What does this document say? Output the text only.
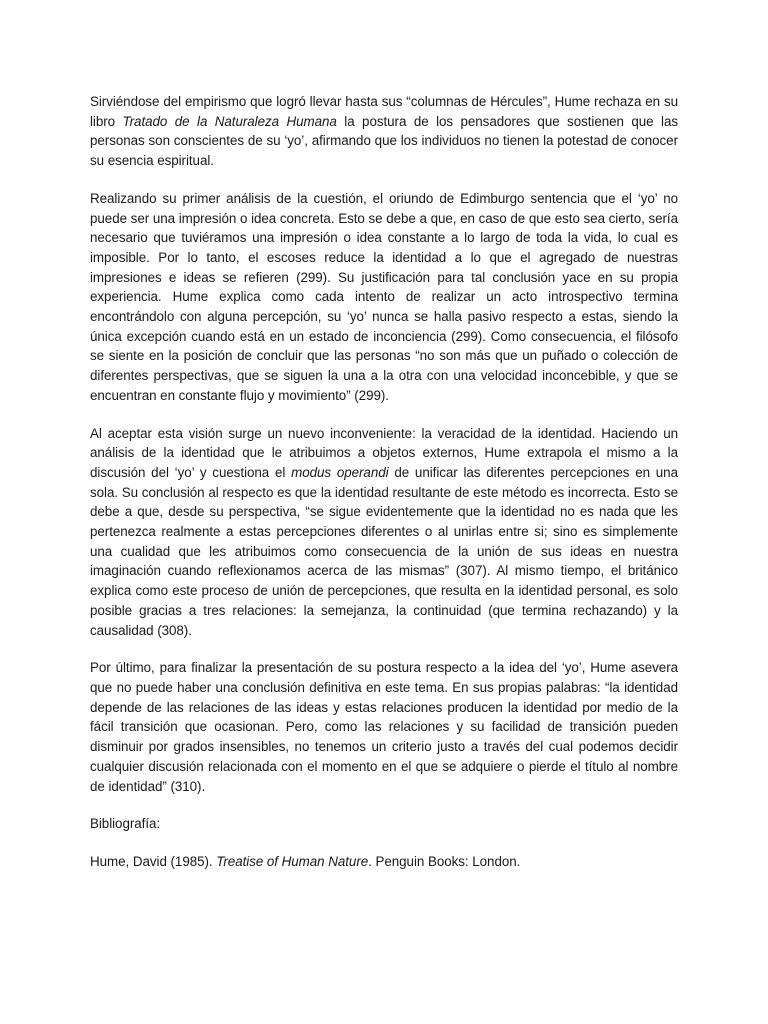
Sirviéndose del empirismo que logró llevar hasta sus “columnas de Hércules”, Hume rechaza en su libro Tratado de la Naturaleza Humana la postura de los pensadores que sostienen que las personas son conscientes de su ‘yo’, afirmando que los individuos no tienen la potestad de conocer su esencia espiritual.

Realizando su primer análisis de la cuestión, el oriundo de Edimburgo sentencia que el ‘yo’ no puede ser una impresión o idea concreta. Esto se debe a que, en caso de que esto sea cierto, sería necesario que tuviéramos una impresión o idea constante a lo largo de toda la vida, lo cual es imposible. Por lo tanto, el escoses reduce la identidad a lo que el agregado de nuestras impresiones e ideas se refieren (299). Su justificación para tal conclusión yace en su propia experiencia. Hume explica como cada intento de realizar un acto introspectivo termina encontrándolo con alguna percepción, su ‘yo’ nunca se halla pasivo respecto a estas, siendo la única excepción cuando está en un estado de inconciencia (299). Como consecuencia, el filósofo se siente en la posición de concluir que las personas “no son más que un puñado o colección de diferentes perspectivas, que se siguen la una a la otra con una velocidad inconcebible, y que se encuentran en constante flujo y movimiento” (299).

Al aceptar esta visión surge un nuevo inconveniente: la veracidad de la identidad. Haciendo un análisis de la identidad que le atribuimos a objetos externos, Hume extrapola el mismo a la discusión del ‘yo’ y cuestiona el modus operandi de unificar las diferentes percepciones en una sola. Su conclusión al respecto es que la identidad resultante de este método es incorrecta. Esto se debe a que, desde su perspectiva, “se sigue evidentemente que la identidad no es nada que les pertenezca realmente a estas percepciones diferentes o al unirlas entre si; sino es simplemente una cualidad que les atribuimos como consecuencia de la unión de sus ideas en nuestra imaginación cuando reflexionamos acerca de las mismas” (307). Al mismo tiempo, el británico explica como este proceso de unión de percepciones, que resulta en la identidad personal, es solo posible gracias a tres relaciones: la semejanza, la continuidad (que termina rechazando) y la causalidad (308).

Por último, para finalizar la presentación de su postura respecto a la idea del ‘yo’, Hume asevera que no puede haber una conclusión definitiva en este tema. En sus propias palabras: “la identidad depende de las relaciones de las ideas y estas relaciones producen la identidad por medio de la fácil transición que ocasionan. Pero, como las relaciones y su facilidad de transición pueden disminuir por grados insensibles, no tenemos un criterio justo a través del cual podemos decidir cualquier discusión relacionada con el momento en el que se adquiere o pierde el título al nombre de identidad” (310).

Bibliografía:

Hume, David (1985). Treatise of Human Nature. Penguin Books: London.
